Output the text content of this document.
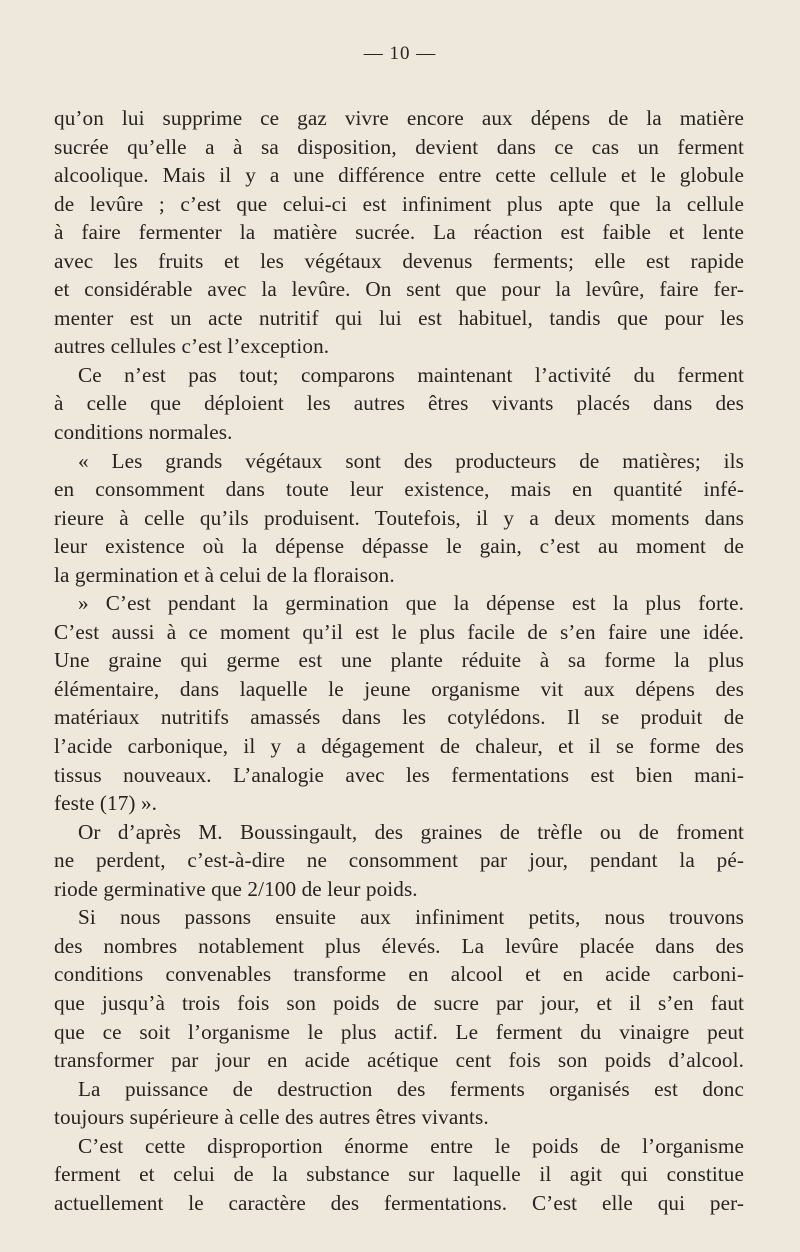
— 10 —
qu’on lui supprime ce gaz vivre encore aux dépens de la matière
sucrée qu’elle a à sa disposition, devient dans ce cas un ferment
alcoolique. Mais il y a une différence entre cette cellule et le globule
de levûre ; c’est que celui-ci est infiniment plus apte que la cellule
à faire fermenter la matière sucrée. La réaction est faible et lente
avec les fruits et les végétaux devenus ferments; elle est rapide
et considérable avec la levûre. On sent que pour la levûre, faire fer-
menter est un acte nutritif qui lui est habituel, tandis que pour les
autres cellules c’est l’exception.
Ce n’est pas tout; comparons maintenant l’activité du ferment
à celle que déploient les autres êtres vivants placés dans des
conditions normales.
« Les grands végétaux sont des producteurs de matières; ils
en consomment dans toute leur existence, mais en quantité infé-
rieure à celle qu’ils produisent. Toutefois, il y a deux moments dans
leur existence où la dépense dépasse le gain, c’est au moment de
la germination et à celui de la floraison.
» C’est pendant la germination que la dépense est la plus forte.
C’est aussi à ce moment qu’il est le plus facile de s’en faire une idée.
Une graine qui germe est une plante réduite à sa forme la plus
élémentaire, dans laquelle le jeune organisme vit aux dépens des
matériaux nutritifs amassés dans les cotylédons. Il se produit de
l’acide carbonique, il y a dégagement de chaleur, et il se forme des
tissus nouveaux. L’analogie avec les fermentations est bien mani-
feste (17) ».
Or d’après M. Boussingault, des graines de trèfle ou de froment
ne perdent, c’est-à-dire ne consomment par jour, pendant la pé-
riode germinative que 2/100 de leur poids.
Si nous passons ensuite aux infiniment petits, nous trouvons
des nombres notablement plus élevés. La levûre placée dans des
conditions convenables transforme en alcool et en acide carboni-
que jusqu’à trois fois son poids de sucre par jour, et il s’en faut
que ce soit l’organisme le plus actif. Le ferment du vinaigre peut
transformer par jour en acide acétique cent fois son poids d’alcool.
La puissance de destruction des ferments organisés est donc
toujours supérieure à celle des autres êtres vivants.
C’est cette disproportion énorme entre le poids de l’organisme
ferment et celui de la substance sur laquelle il agit qui constitue
actuellement le caractère des fermentations. C’est elle qui per-
